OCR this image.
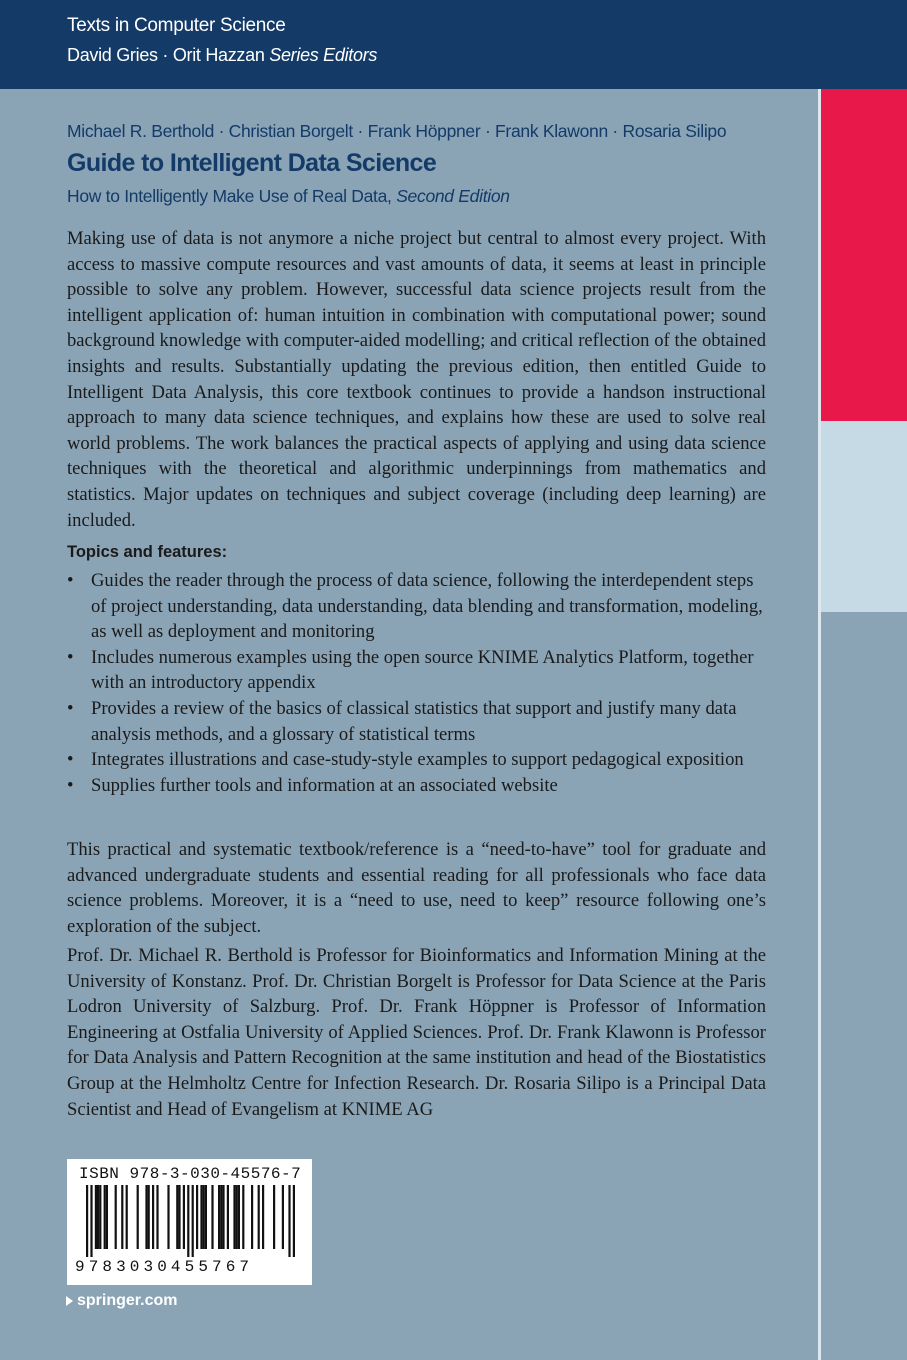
Texts in Computer Science
David Gries · Orit Hazzan Series Editors
Michael R. Berthold · Christian Borgelt · Frank Höppner · Frank Klawonn · Rosaria Silipo
Guide to Intelligent Data Science
How to Intelligently Make Use of Real Data, Second Edition

Making use of data is not anymore a niche project but central to almost every project. With access to massive compute resources and vast amounts of data, it seems at least in principle possible to solve any problem. However, successful data science projects result from the intelligent application of: human intuition in combination with computational power; sound background knowledge with computer-aided modelling; and critical reflection of the obtained insights and results. Substantially updating the previous edition, then entitled Guide to Intelligent Data Analysis, this core textbook continues to provide a handson instructional approach to many data science techniques, and explains how these are used to solve real world problems. The work balances the practical aspects of applying and using data science techniques with the theoretical and algorithmic underpinnings from mathematics and statistics. Major updates on techniques and subject coverage (including deep learning) are included.

Topics and features:
• Guides the reader through the process of data science, following the interdependent steps of project understanding, data understanding, data blending and transformation, modeling, as well as deployment and monitoring
• Includes numerous examples using the open source KNIME Analytics Platform, together with an introductory appendix
• Provides a review of the basics of classical statistics that support and justify many data analysis methods, and a glossary of statistical terms
• Integrates illustrations and case-study-style examples to support pedagogical exposition
• Supplies further tools and information at an associated website

This practical and systematic textbook/reference is a “need-to-have” tool for graduate and advanced undergraduate students and essential reading for all professionals who face data science problems. Moreover, it is a “need to use, need to keep” resource following one’s exploration of the subject.

Prof. Dr. Michael R. Berthold is Professor for Bioinformatics and Information Mining at the University of Konstanz. Prof. Dr. Christian Borgelt is Professor for Data Science at the Paris Lodron University of Salzburg. Prof. Dr. Frank Höppner is Professor of Information Engineering at Ostfalia University of Applied Sciences. Prof. Dr. Frank Klawonn is Professor for Data Analysis and Pattern Recognition at the same institution and head of the Biostatistics Group at the Helmholtz Centre for Infection Research. Dr. Rosaria Silipo is a Principal Data Scientist and Head of Evangelism at KNIME AG

ISBN 978-3-030-45576-7
9783030455767
springer.com
